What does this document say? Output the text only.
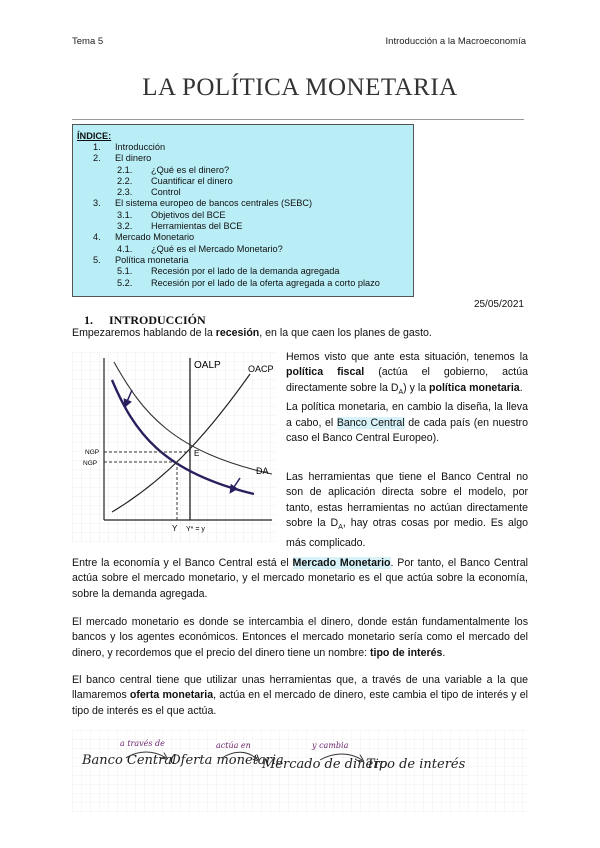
Tema 5	Introducción a la Macroeconomía
LA POLÍTICA MONETARIA
ÍNDICE:
1. Introducción
2. El dinero
2.1. ¿Qué es el dinero?
2.2. Cuantificar el dinero
2.3. Control
3. El sistema europeo de bancos centrales (SEBC)
3.1. Objetivos del BCE
3.2. Herramientas del BCE
4. Mercado Monetario
4.1. ¿Qué es el Mercado Monetario?
5. Política monetaria
5.1. Recesión por el lado de la demanda agregada
5.2. Recesión por el lado de la oferta agregada a corto plazo
25/05/2021
1. INTRODUCCIÓN
Empezaremos hablando de la recesión, en la que caen los planes de gasto.
OALP	OACP
DA
E
NGP
NGP
Y Y* = y
Hemos visto que ante esta situación, tenemos la política fiscal (actúa el gobierno, actúa directamente sobre la $D_A$) y la política monetaria.
La política monetaria, en cambio la diseña, la lleva a cabo, el Banco Central de cada país (en nuestro caso el Banco Central Europeo).
Las herramientas que tiene el Banco Central no son de aplicación directa sobre el modelo, por tanto, estas herramientas no actúan directamente sobre la $D_A$, hay otras cosas por medio. Es algo más complicado.
Entre la economía y el Banco Central está el Mercado Monetario. Por tanto, el Banco Central actúa sobre el mercado monetario, y el mercado monetario es el que actúa sobre la economía, sobre la demanda agregada.
El mercado monetario es donde se intercambia el dinero, donde están fundamentalmente los bancos y los agentes económicos. Entonces el mercado monetario sería como el mercado del dinero, y recordemos que el precio del dinero tiene un nombre: tipo de interés.
El banco central tiene que utilizar unas herramientas que, a través de una variable a la que llamaremos oferta monetaria, actúa en el mercado de dinero, este cambia el tipo de interés y el tipo de interés es el que actúa.
Banco Central
Oferta monetaria
Mercado de dinero
Tipo de interés
a través de	actúa en	y cambia
